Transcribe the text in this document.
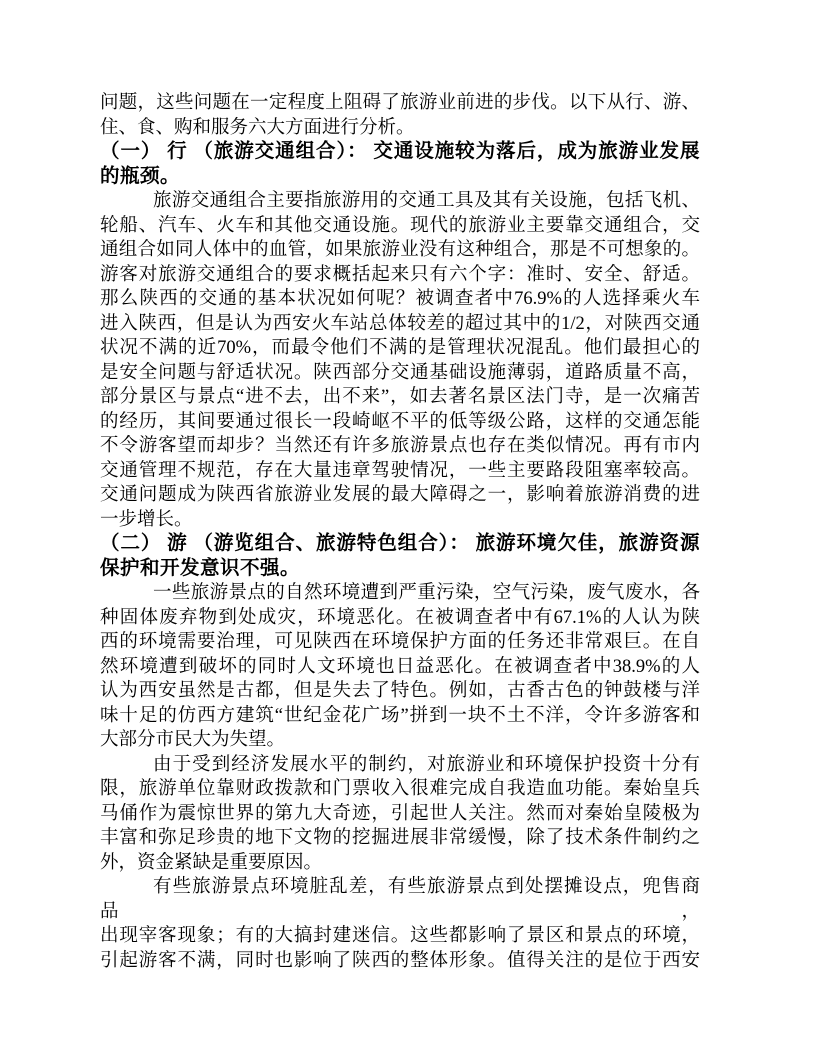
问题，这些问题在一定程度上阻碍了旅游业前进的步伐。以下从行、游、
住、食、购和服务六大方面进行分析。
（一） 行 （旅游交通组合）： 交通设施较为落后，成为旅游业发展
的瓶颈。
旅游交通组合主要指旅游用的交通工具及其有关设施，包括飞机、
轮船、汽车、火车和其他交通设施。现代的旅游业主要靠交通组合，交
通组合如同人体中的血管，如果旅游业没有这种组合，那是不可想象的。
游客对旅游交通组合的要求概括起来只有六个字：准时、安全、舒适。
那么陕西的交通的基本状况如何呢？被调查者中76.9%的人选择乘火车
进入陕西，但是认为西安火车站总体较差的超过其中的1/2，对陕西交通
状况不满的近70%，而最令他们不满的是管理状况混乱。他们最担心的
是安全问题与舒适状况。陕西部分交通基础设施薄弱，道路质量不高，
部分景区与景点“进不去，出不来”，如去著名景区法门寺，是一次痛苦
的经历，其间要通过很长一段崎岖不平的低等级公路，这样的交通怎能
不令游客望而却步？当然还有许多旅游景点也存在类似情况。再有市内
交通管理不规范，存在大量违章驾驶情况，一些主要路段阻塞率较高。
交通问题成为陕西省旅游业发展的最大障碍之一，影响着旅游消费的进
一步增长。
（二） 游 （游览组合、旅游特色组合）： 旅游环境欠佳，旅游资源
保护和开发意识不强。
一些旅游景点的自然环境遭到严重污染，空气污染，废气废水，各
种固体废弃物到处成灾，环境恶化。在被调查者中有67.1%的人认为陕
西的环境需要治理，可见陕西在环境保护方面的任务还非常艰巨。在自
然环境遭到破坏的同时人文环境也日益恶化。在被调查者中38.9%的人
认为西安虽然是古都，但是失去了特色。例如，古香古色的钟鼓楼与洋
味十足的仿西方建筑“世纪金花广场”拼到一块不土不洋，令许多游客和
大部分市民大为失望。
由于受到经济发展水平的制约，对旅游业和环境保护投资十分有
限，旅游单位靠财政拨款和门票收入很难完成自我造血功能。秦始皇兵
马俑作为震惊世界的第九大奇迹，引起世人关注。然而对秦始皇陵极为
丰富和弥足珍贵的地下文物的挖掘进展非常缓慢，除了技术条件制约之
外，资金紧缺是重要原因。
有些旅游景点环境脏乱差，有些旅游景点到处摆摊设点，兜售商品，
出现宰客现象；有的大搞封建迷信。这些都影响了景区和景点的环境，
引起游客不满，同时也影响了陕西的整体形象。值得关注的是位于西安
